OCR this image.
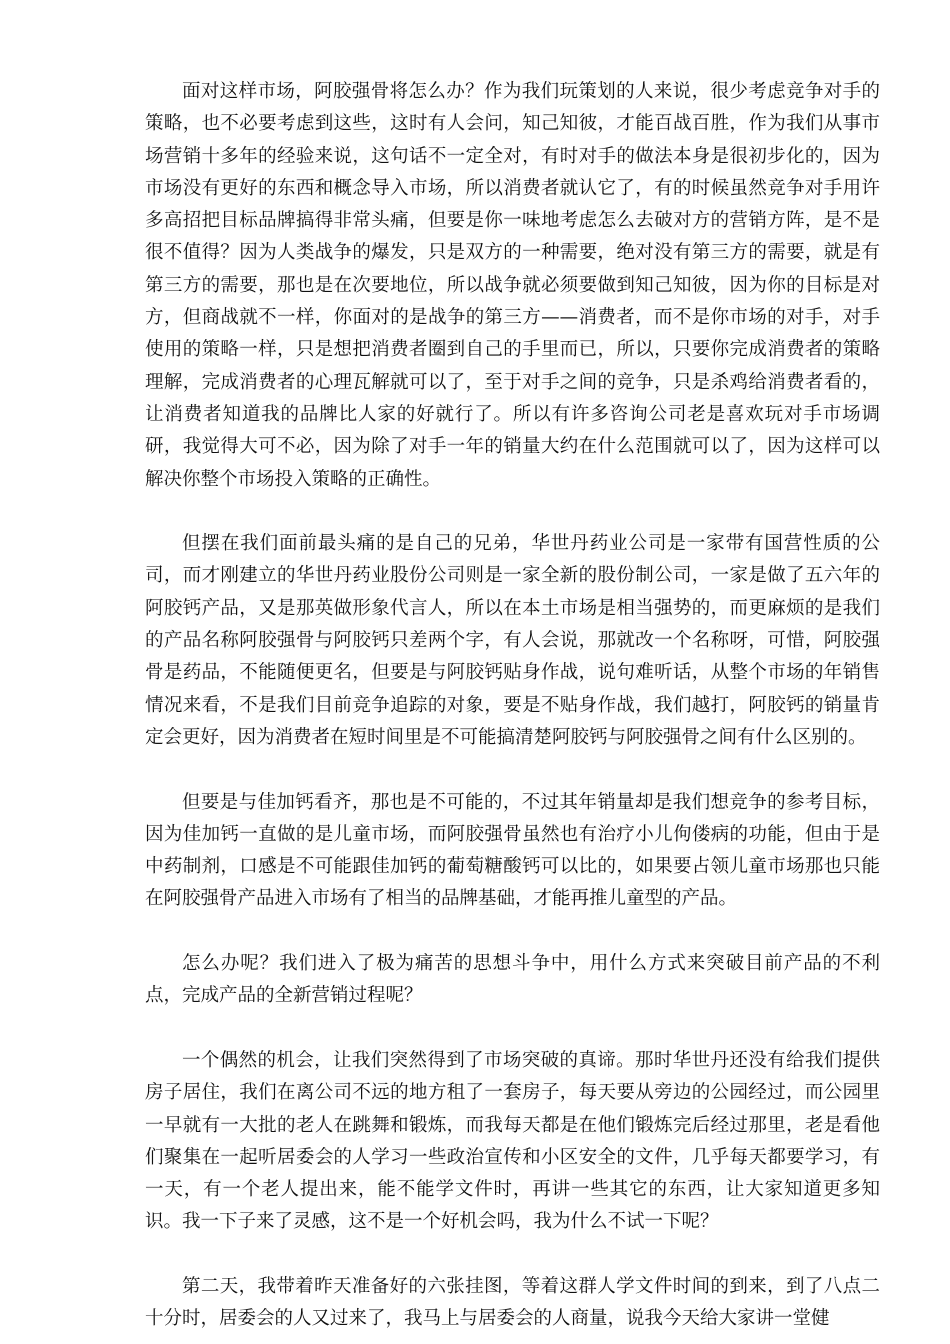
面对这样市场，阿胶强骨将怎么办？作为我们玩策划的人来说，很少考虑竞争对手的策略，也不必要考虑到这些，这时有人会问，知己知彼，才能百战百胜，作为我们从事市场营销十多年的经验来说，这句话不一定全对，有时对手的做法本身是很初步化的，因为市场没有更好的东西和概念导入市场，所以消费者就认它了，有的时候虽然竞争对手用许多高招把目标品牌搞得非常头痛，但要是你一味地考虑怎么去破对方的营销方阵，是不是很不值得？因为人类战争的爆发，只是双方的一种需要，绝对没有第三方的需要，就是有第三方的需要，那也是在次要地位，所以战争就必须要做到知己知彼，因为你的目标是对方，但商战就不一样，你面对的是战争的第三方——消费者，而不是你市场的对手，对手使用的策略一样，只是想把消费者圈到自己的手里而已，所以，只要你完成消费者的策略理解，完成消费者的心理瓦解就可以了，至于对手之间的竞争，只是杀鸡给消费者看的，让消费者知道我的品牌比人家的好就行了。所以有许多咨询公司老是喜欢玩对手市场调研，我觉得大可不必，因为除了对手一年的销量大约在什么范围就可以了，因为这样可以解决你整个市场投入策略的正确性。

但摆在我们面前最头痛的是自己的兄弟，华世丹药业公司是一家带有国营性质的公司，而才刚建立的华世丹药业股份公司则是一家全新的股份制公司，一家是做了五六年的阿胶钙产品，又是那英做形象代言人，所以在本土市场是相当强势的，而更麻烦的是我们的产品名称阿胶强骨与阿胶钙只差两个字，有人会说，那就改一个名称呀，可惜，阿胶强骨是药品，不能随便更名，但要是与阿胶钙贴身作战，说句难听话，从整个市场的年销售情况来看，不是我们目前竞争追踪的对象，要是不贴身作战，我们越打，阿胶钙的销量肯定会更好，因为消费者在短时间里是不可能搞清楚阿胶钙与阿胶强骨之间有什么区别的。

但要是与佳加钙看齐，那也是不可能的，不过其年销量却是我们想竞争的参考目标，因为佳加钙一直做的是儿童市场，而阿胶强骨虽然也有治疗小儿佝偻病的功能，但由于是中药制剂，口感是不可能跟佳加钙的葡萄糖酸钙可以比的，如果要占领儿童市场那也只能在阿胶强骨产品进入市场有了相当的品牌基础，才能再推儿童型的产品。

怎么办呢？我们进入了极为痛苦的思想斗争中，用什么方式来突破目前产品的不利点，完成产品的全新营销过程呢？

一个偶然的机会，让我们突然得到了市场突破的真谛。那时华世丹还没有给我们提供房子居住，我们在离公司不远的地方租了一套房子，每天要从旁边的公园经过，而公园里一早就有一大批的老人在跳舞和锻炼，而我每天都是在他们锻炼完后经过那里，老是看他们聚集在一起听居委会的人学习一些政治宣传和小区安全的文件，几乎每天都要学习，有一天，有一个老人提出来，能不能学文件时，再讲一些其它的东西，让大家知道更多知识。我一下子来了灵感，这不是一个好机会吗，我为什么不试一下呢？

第二天，我带着昨天准备好的六张挂图，等着这群人学文件时间的到来，到了八点二十分时，居委会的人又过来了，我马上与居委会的人商量，说我今天给大家讲一堂健
